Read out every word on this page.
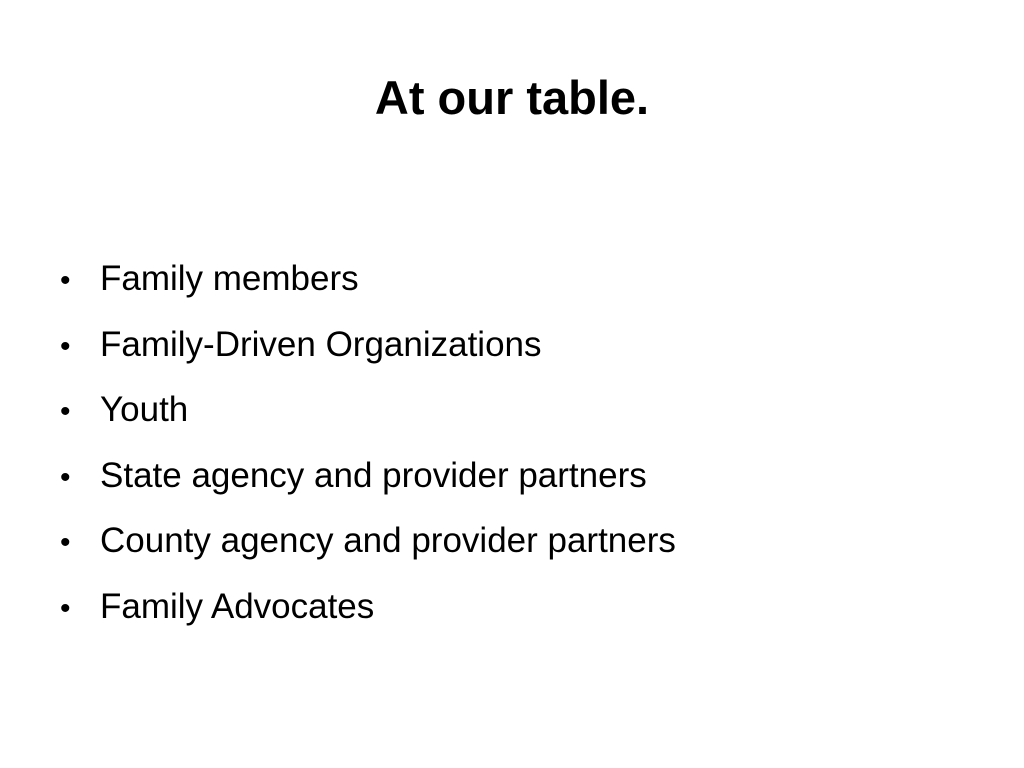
At our table.
• Family members
• Family-Driven Organizations
• Youth
• State agency and provider partners
• County agency and provider partners
• Family Advocates
